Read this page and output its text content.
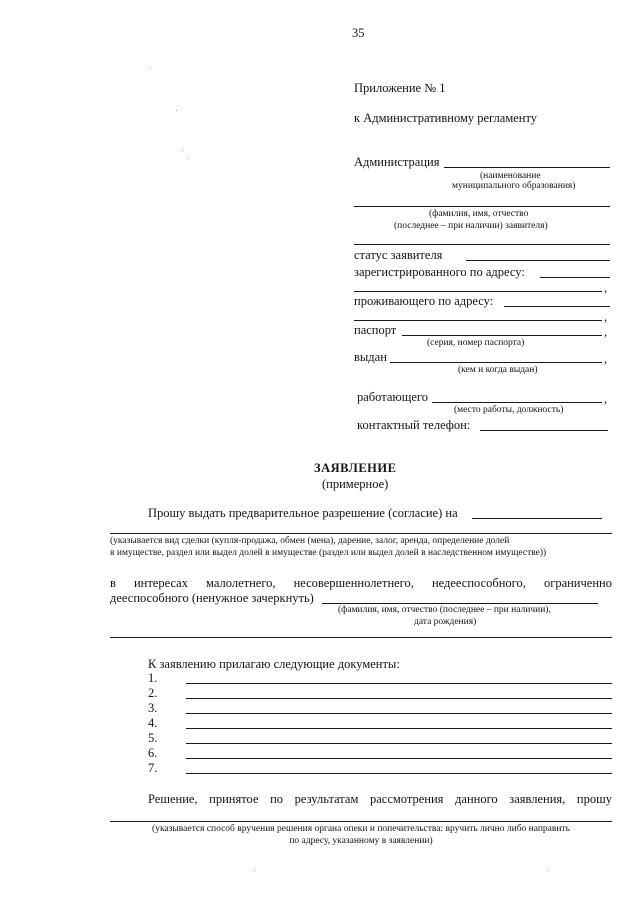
35
Приложение № 1
к Административному регламенту
Администрация
(наименование
муниципального образования)
(фамилия, имя, отчество
(последнее – при наличии) заявителя)
статус заявителя
зарегистрированного по адресу:
,
проживающего по адресу:
,
паспорт	,
(серия, номер паспорта)
выдан	,
(кем и когда выдан)
работающего	,
(место работы, должность)
контактный телефон:
ЗАЯВЛЕНИЕ
(примерное)
Прошу выдать предварительное разрешение (согласие) на
(указывается вид сделки (купля-продажа, обмен (мена), дарение, залог, аренда, определение долей
в имуществе, раздел или выдел долей в имуществе (раздел или выдел долей в наследственном имуществе))
в интересах малолетнего, несовершеннолетнего, недееспособного, ограниченно
дееспособного (ненужное зачеркнуть)
(фамилия, имя, отчество (последнее – при наличии),
дата рождения)
К заявлению прилагаю следующие документы:
1.
2.
3.
4.
5.
6.
7.
Решение, принятое по результатам рассмотрения данного заявления, прошу
(указывается способ вручения решения органа опеки и попечительства: вручить лично либо направить
по адресу, указанному в заявлении)
